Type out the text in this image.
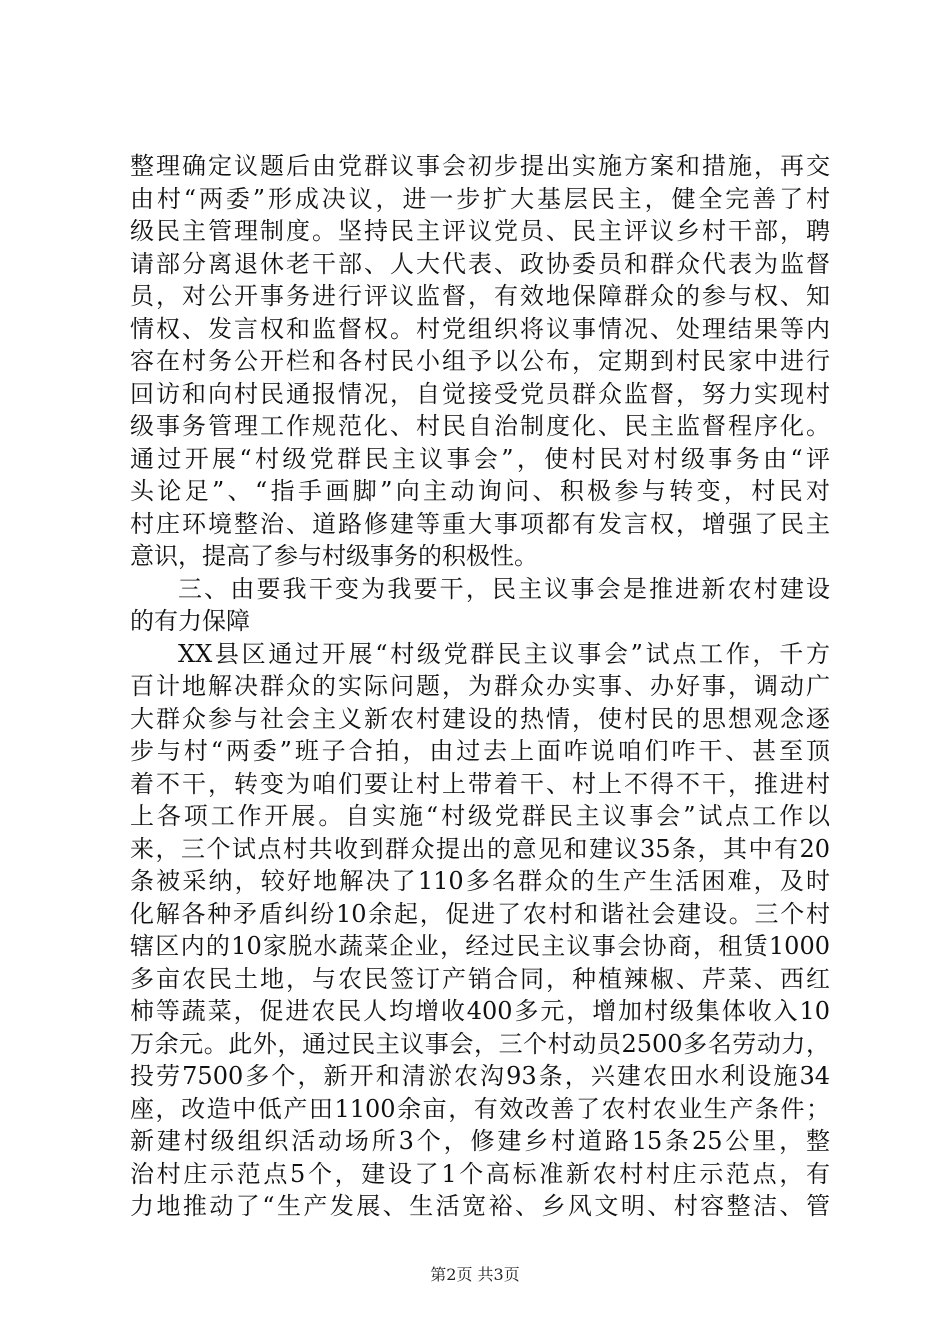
整理确定议题后由党群议事会初步提出实施方案和措施，再交
由村“两委”形成决议，进一步扩大基层民主，健全完善了村
级民主管理制度。坚持民主评议党员、民主评议乡村干部，聘
请部分离退休老干部、人大代表、政协委员和群众代表为监督
员，对公开事务进行评议监督，有效地保障群众的参与权、知
情权、发言权和监督权。村党组织将议事情况、处理结果等内
容在村务公开栏和各村民小组予以公布，定期到村民家中进行
回访和向村民通报情况，自觉接受党员群众监督，努力实现村
级事务管理工作规范化、村民自治制度化、民主监督程序化。
通过开展“村级党群民主议事会”，使村民对村级事务由“评
头论足”、“指手画脚”向主动询问、积极参与转变，村民对
村庄环境整治、道路修建等重大事项都有发言权，增强了民主
意识，提高了参与村级事务的积极性。
三、由要我干变为我要干，民主议事会是推进新农村建设
的有力保障
XX县区通过开展“村级党群民主议事会”试点工作，千方
百计地解决群众的实际问题，为群众办实事、办好事，调动广
大群众参与社会主义新农村建设的热情，使村民的思想观念逐
步与村“两委”班子合拍，由过去上面咋说咱们咋干、甚至顶
着不干，转变为咱们要让村上带着干、村上不得不干，推进村
上各项工作开展。自实施“村级党群民主议事会”试点工作以
来，三个试点村共收到群众提出的意见和建议35条，其中有20
条被采纳，较好地解决了110多名群众的生产生活困难，及时
化解各种矛盾纠纷10余起，促进了农村和谐社会建设。三个村
辖区内的10家脱水蔬菜企业，经过民主议事会协商，租赁1000
多亩农民土地，与农民签订产销合同，种植辣椒、芹菜、西红
柿等蔬菜，促进农民人均增收400多元，增加村级集体收入10
万余元。此外，通过民主议事会，三个村动员2500多名劳动力，
投劳7500多个，新开和清淤农沟93条，兴建农田水利设施34
座，改造中低产田1100余亩，有效改善了农村农业生产条件；
新建村级组织活动场所3个，修建乡村道路15条25公里，整
治村庄示范点5个，建设了1个高标准新农村村庄示范点，有
力地推动了“生产发展、生活宽裕、乡风文明、村容整洁、管
第2页 共3页
